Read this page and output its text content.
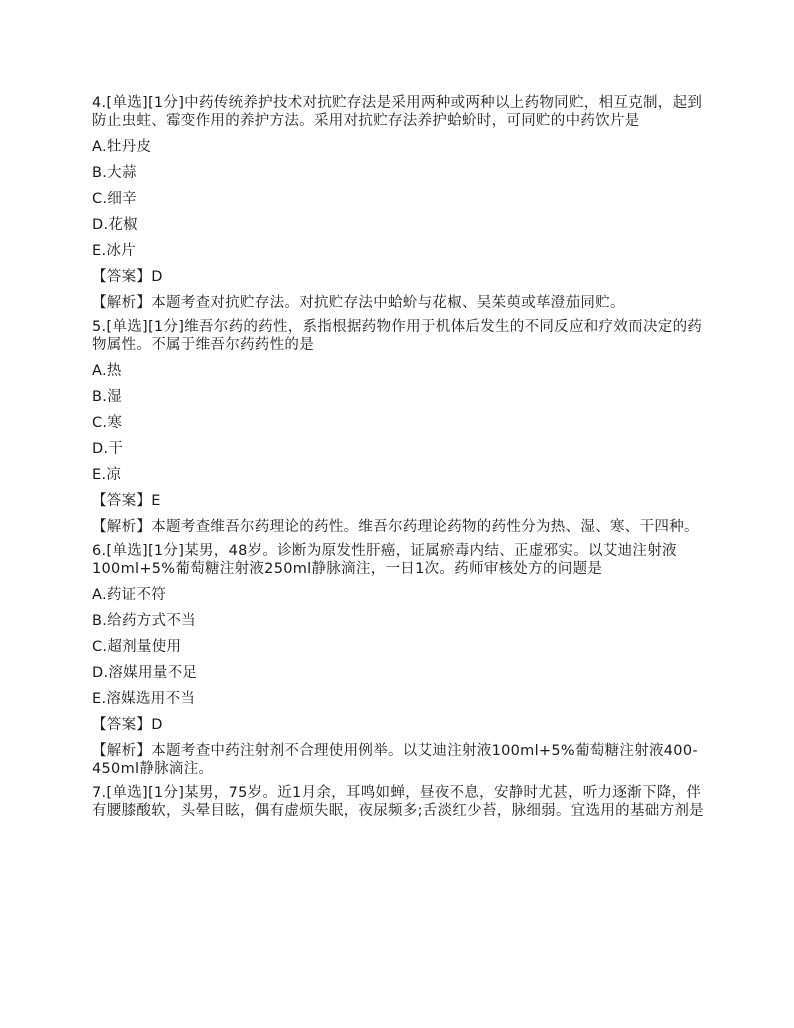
4.[单选][1分]中药传统养护技术对抗贮存法是采用两种或两种以上药物同贮，相互克制，起到防止虫蛀、霉变作用的养护方法。采用对抗贮存法养护蛤蚧时，可同贮的中药饮片是
A.牡丹皮
B.大蒜
C.细辛
D.花椒
E.冰片
【答案】D
【解析】本题考查对抗贮存法。对抗贮存法中蛤蚧与花椒、吴茱萸或荜澄茄同贮。
5.[单选][1分]维吾尔药的药性，系指根据药物作用于机体后发生的不同反应和疗效而决定的药物属性。不属于维吾尔药药性的是
A.热
B.湿
C.寒
D.干
E.凉
【答案】E
【解析】本题考查维吾尔药理论的药性。维吾尔药理论药物的药性分为热、湿、寒、干四种。
6.[单选][1分]某男，48岁。诊断为原发性肝癌，证属瘀毒内结、正虚邪实。以艾迪注射液100ml+5%葡萄糖注射液250ml静脉滴注，一日1次。药师审核处方的问题是
A.药证不符
B.给药方式不当
C.超剂量使用
D.溶媒用量不足
E.溶媒选用不当
【答案】D
【解析】本题考查中药注射剂不合理使用例举。以艾迪注射液100ml+5%葡萄糖注射液400-450ml静脉滴注。
7.[单选][1分]某男，75岁。近1月余，耳鸣如蝉，昼夜不息，安静时尤甚，听力逐渐下降，伴有腰膝酸软，头晕目眩，偶有虚烦失眠，夜尿频多;舌淡红少苔，脉细弱。宜选用的基础方剂是
